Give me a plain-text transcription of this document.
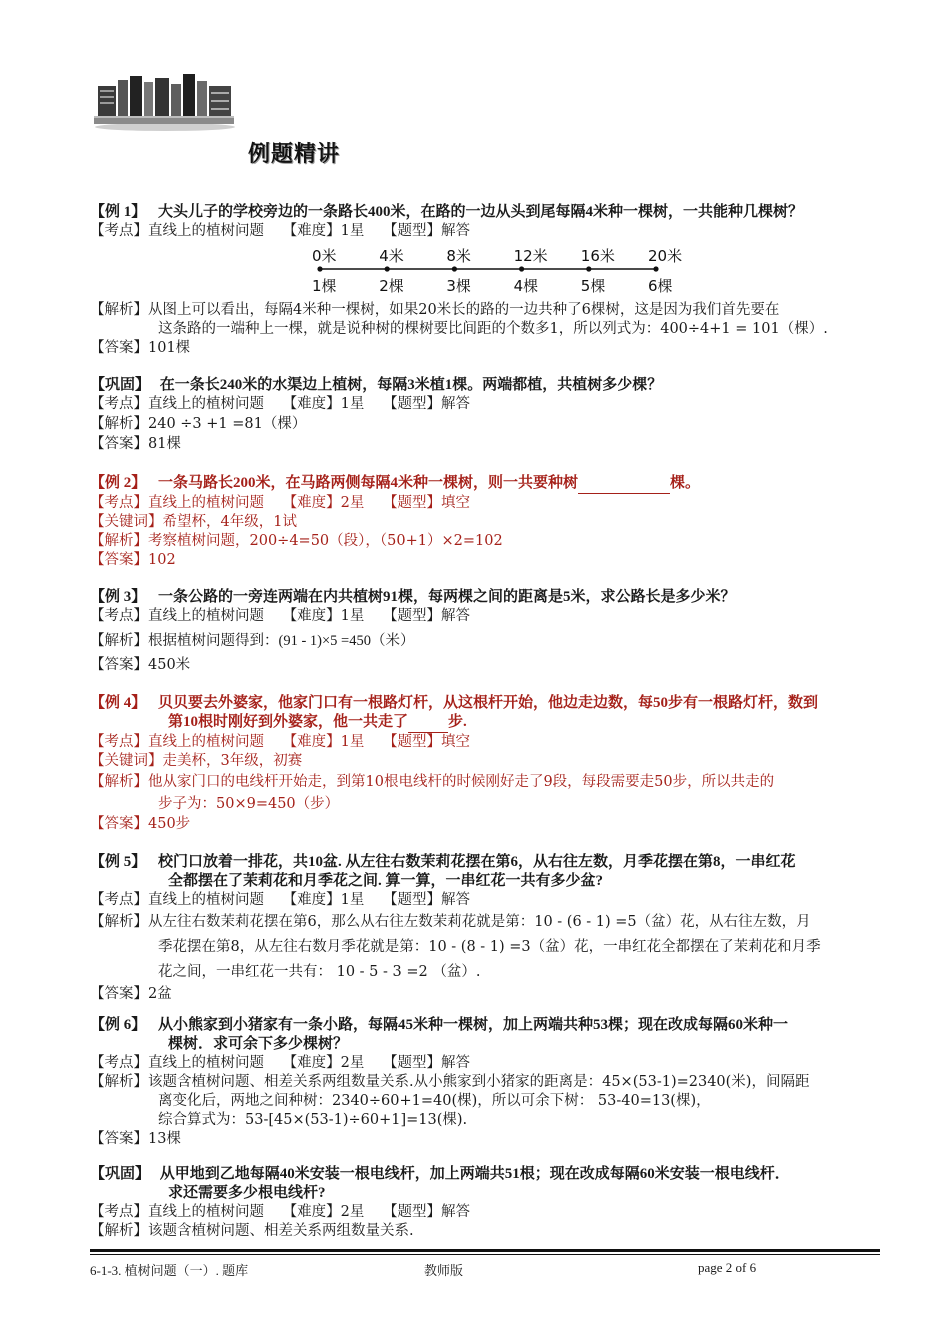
例题精讲
【例 1】 大头儿子的学校旁边的一条路长400米，在路的一边从头到尾每隔4米种一棵树，一共能种几棵树？
【考点】直线上的植树问题 【难度】1星 【题型】解答
0米
1棵
4米
2棵
8米
3棵
12米
4棵
16米
5棵
20米
6棵
【解析】从图上可以看出，每隔4米种一棵树，如果20米长的路的一边共种了6棵树，这是因为我们首先要在
这条路的一端种上一棵，就是说种树的棵树要比间距的个数多1，所以列式为：400÷4+1 = 101（棵）.
【答案】101棵
【巩固】 在一条长240米的水渠边上植树，每隔3米植1棵。两端都植，共植树多少棵？
【考点】直线上的植树问题 【难度】1星 【题型】解答
【解析】240 ÷3 +1 =81（棵）
【答案】81棵
【例 2】 一条马路长200米，在马路两侧每隔4米种一棵树，则一共要种树	棵。
【考点】直线上的植树问题 【难度】2星 【题型】填空
【关键词】希望杯，4年级，1试
【解析】考察植树问题，200÷4=50（段），（50+1）×2=102
【答案】102
【例 3】 一条公路的一旁连两端在内共植树91棵，每两棵之间的距离是5米，求公路长是多少米？
【考点】直线上的植树问题 【难度】1星 【题型】解答
【解析】根据植树问题得到：(91 - 1)×5 =450（米）
【答案】450米
【例 4】 贝贝要去外婆家，他家门口有一根路灯杆，从这根杆开始，他边走边数，每50步有一根路灯杆，数到
第10根时刚好到外婆家，他一共走了	步.
【考点】直线上的植树问题 【难度】1星 【题型】填空
【关键词】走美杯，3年级，初赛
【解析】他从家门口的电线杆开始走，到第10根电线杆的时候刚好走了9段，每段需要走50步，所以共走的
步子为：50×9=450（步）
【答案】450步
【例 5】 校门口放着一排花，共10盆. 从左往右数茉莉花摆在第6，从右往左数，月季花摆在第8，一串红花
全都摆在了茉莉花和月季花之间. 算一算，一串红花一共有多少盆?
【考点】直线上的植树问题 【难度】1星 【题型】解答
【解析】从左往右数茉莉花摆在第6，那么从右往左数茉莉花就是第：10 - (6 - 1) =5（盆）花，从右往左数，月
季花摆在第8，从左往右数月季花就是第：10 - (8 - 1) =3（盆）花，一串红花全都摆在了茉莉花和月季
花之间，一串红花一共有： 10 - 5 - 3 =2 （盆）.
【答案】2盆
【例 6】 从小熊家到小猪家有一条小路，每隔45米种一棵树，加上两端共种53棵；现在改成每隔60米种一
棵树．求可余下多少棵树？
【考点】直线上的植树问题 【难度】2星 【题型】解答
【解析】该题含植树问题、相差关系两组数量关系.从小熊家到小猪家的距离是：45×(53-1)=2340(米)，间隔距
离变化后，两地之间种树：2340÷60+1=40(棵)，所以可余下树： 53-40=13(棵)，
综合算式为：53-[45×(53-1)÷60+1]=13(棵).
【答案】13棵
【巩固】 从甲地到乙地每隔40米安装一根电线杆，加上两端共51根；现在改成每隔60米安装一根电线杆．
求还需要多少根电线杆?
【考点】直线上的植树问题 【难度】2星 【题型】解答
【解析】该题含植树问题、相差关系两组数量关系.
6-1-3. 植树问题（一）. 题库	教师版	page 2 of 6
